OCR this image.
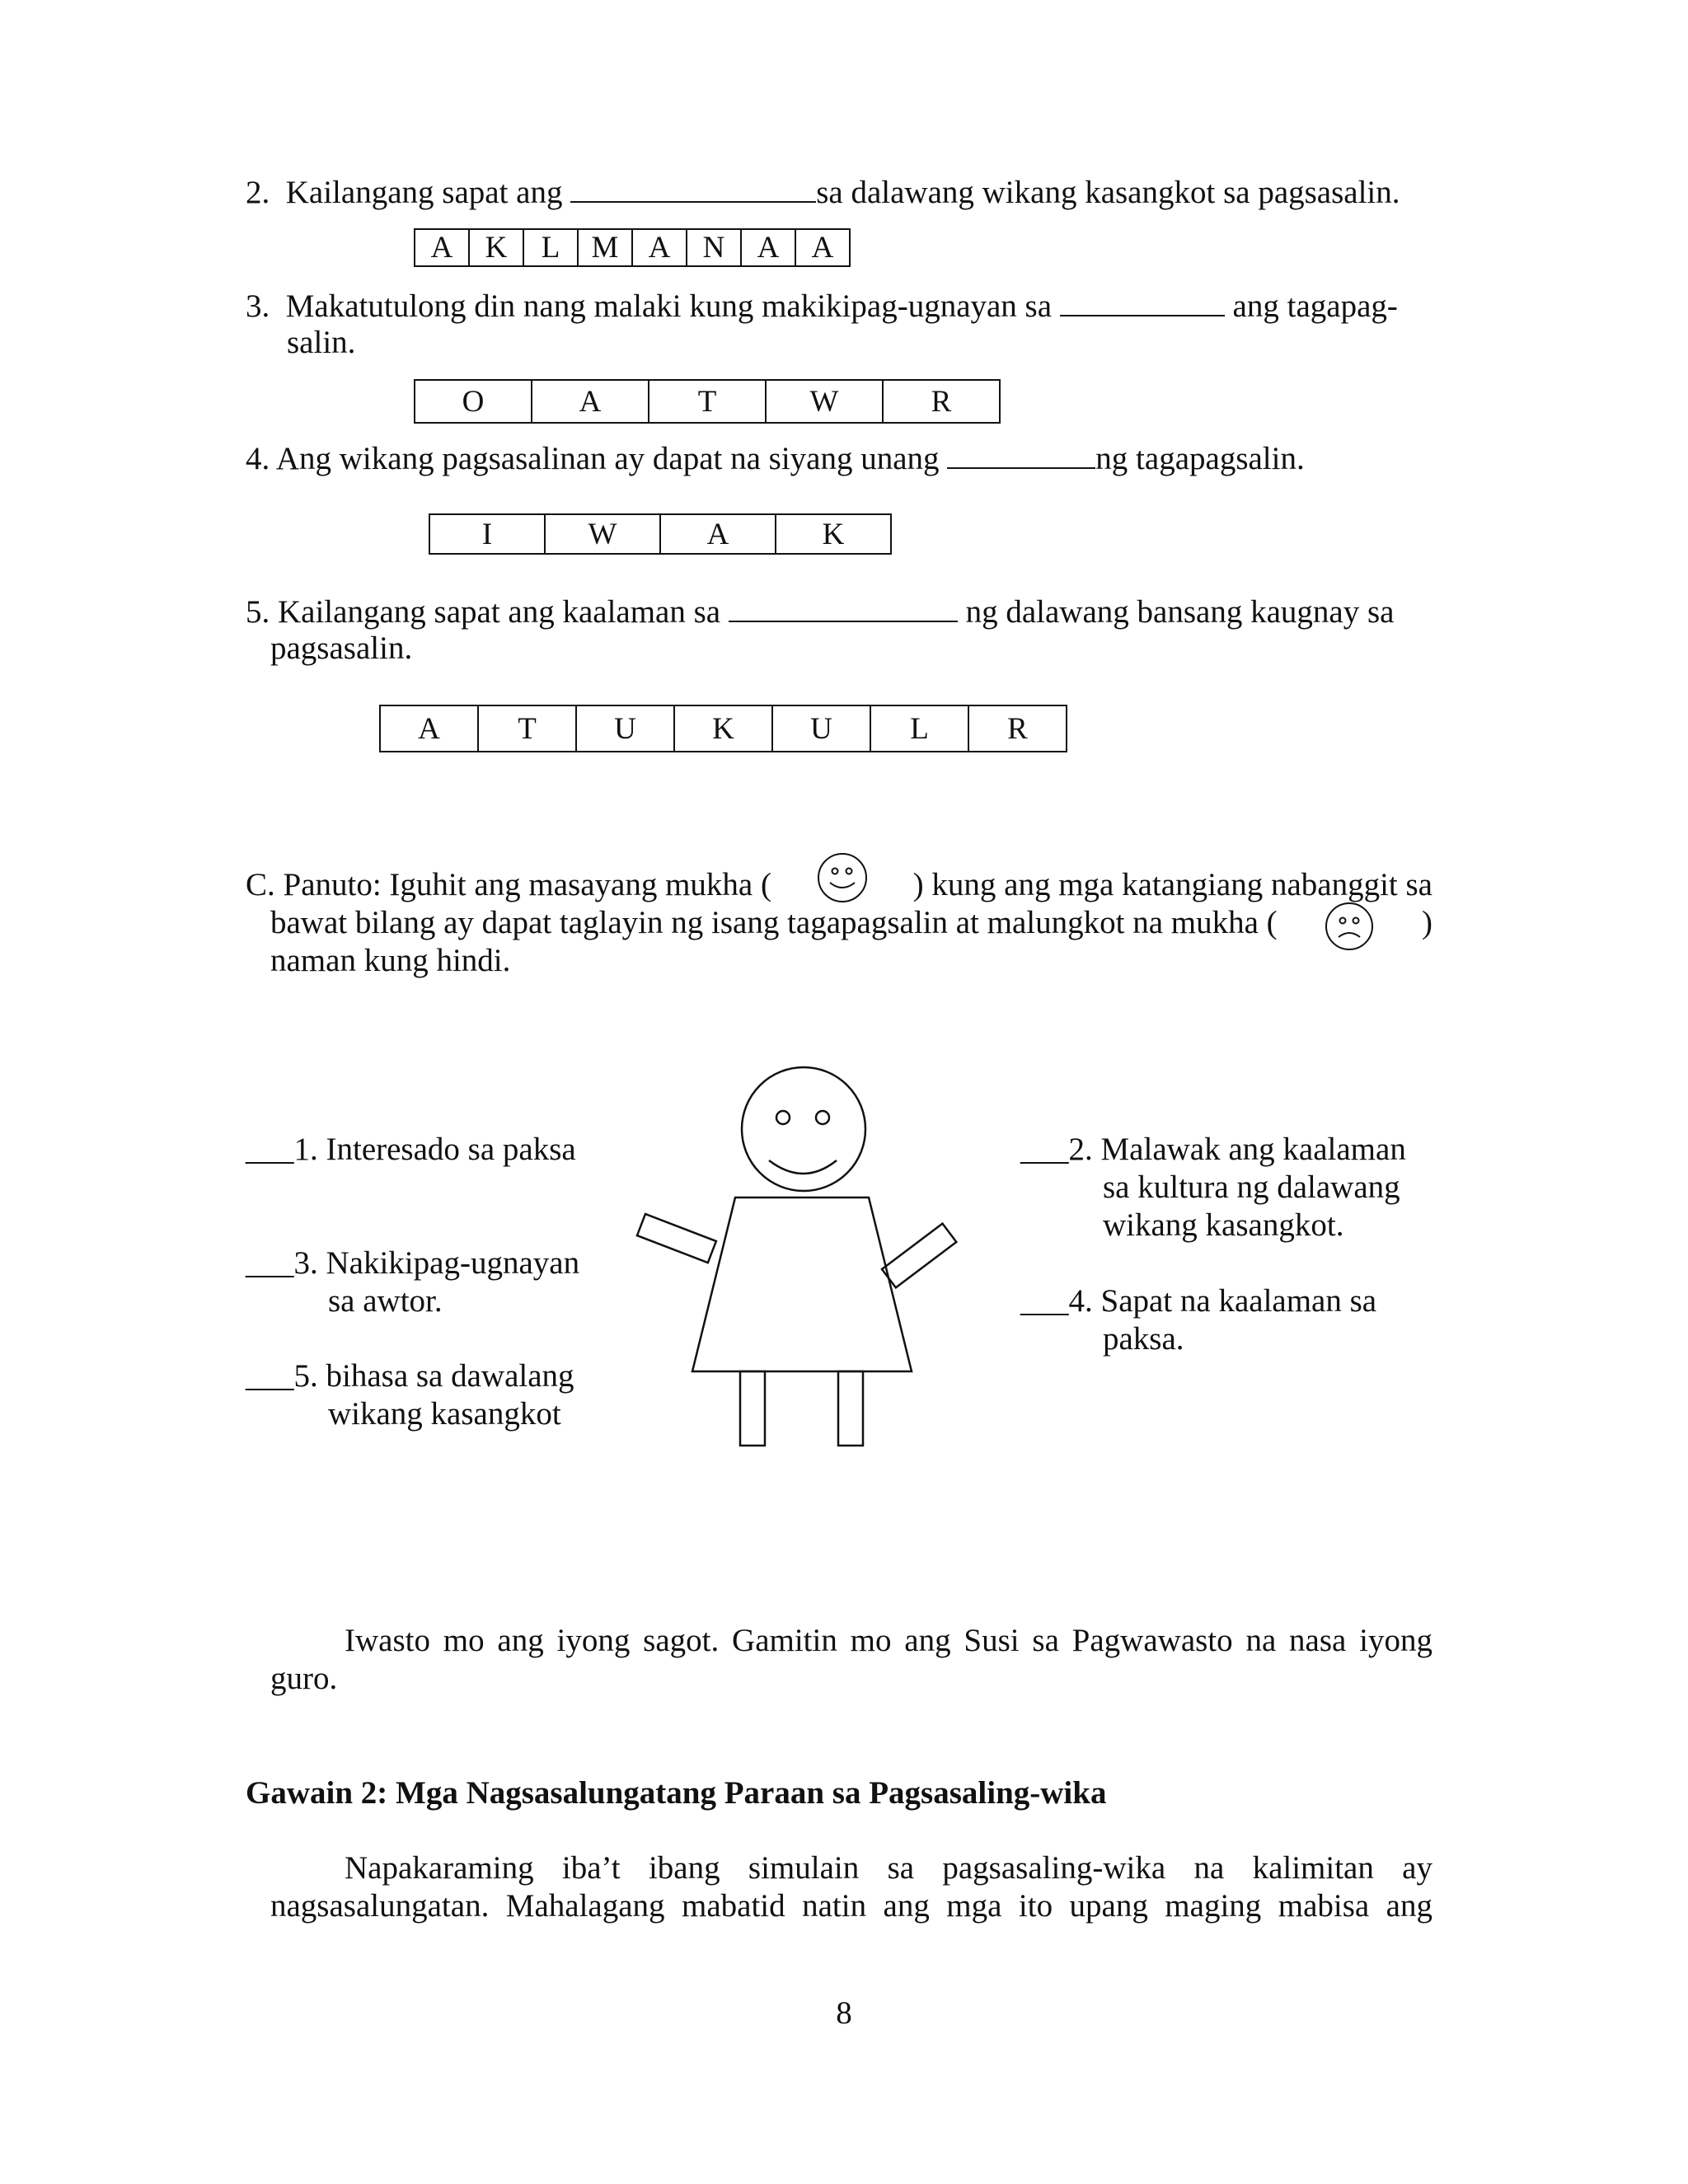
2. Kailangang sapat ang	sa dalawang wikang kasangkot sa pagsasalin.
A	K	L	M A	N	A	A
3. Makatutulong din nang malaki kung makikipag-ugnayan sa	ang tagapag-
salin.
O	A	T	W	R
4. Ang wikang pagsasalinan ay dapat na siyang unang	ng tagapagsalin.
I	W	A	K
5. Kailangang sapat ang kaalaman sa	ng dalawang bansang kaugnay sa
pagsasalin.
A	T	U	K	U	L	R
C. Panuto: Iguhit ang masayang mukha (	) kung ang mga katangiang nabanggit sa
bawat bilang ay dapat taglayin ng isang tagapagsalin at malungkot na mukha (	)
naman kung hindi.
___1. Interesado sa paksa
___3. Nakikipag-ugnayan
sa awtor.
___5. bihasa sa dawalang
wikang kasangkot
___2. Malawak ang kaalaman
sa kultura ng dalawang
wikang kasangkot.
___4. Sapat na kaalaman sa
paksa.
Iwasto mo ang iyong sagot. Gamitin mo ang Susi sa Pagwawasto na nasa iyong
guro.
Gawain 2: Mga Nagsasalungatang Paraan sa Pagsasaling-wika
Napakaraming iba’t ibang simulain sa pagsasaling-wika na kalimitan ay
nagsasalungatan. Mahalagang mabatid natin ang mga ito upang maging mabisa ang
8
